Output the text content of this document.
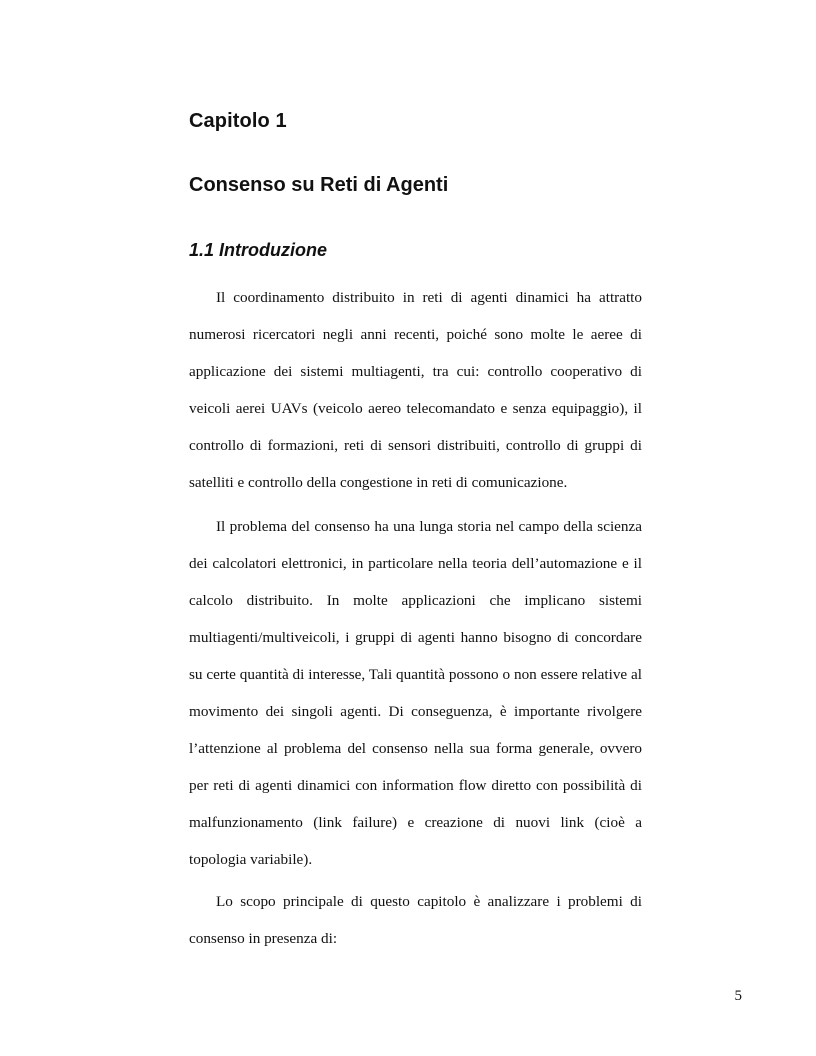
Capitolo 1
Consenso su Reti di Agenti
1.1 Introduzione

Il coordinamento distribuito in reti di agenti dinamici ha attratto numerosi ricercatori negli anni recenti, poiché sono molte le aeree di applicazione dei sistemi multiagenti, tra cui: controllo cooperativo di veicoli aerei UAVs (veicolo aereo telecomandato e senza equipaggio), il controllo di formazioni, reti di sensori distribuiti, controllo di gruppi di satelliti e controllo della congestione in reti di comunicazione.

Il problema del consenso ha una lunga storia nel campo della scienza dei calcolatori elettronici, in particolare nella teoria dell’automazione e il calcolo distribuito. In molte applicazioni che implicano sistemi multiagenti/multiveicoli, i gruppi di agenti hanno bisogno di concordare su certe quantità di interesse, Tali quantità possono o non essere relative al movimento dei singoli agenti. Di conseguenza, è importante rivolgere l’attenzione al problema del consenso nella sua forma generale, ovvero per reti di agenti dinamici con information flow diretto con possibilità di malfunzionamento (link failure) e creazione di nuovi link (cioè a topologia variabile).

Lo scopo principale di questo capitolo è analizzare i problemi di consenso in presenza di:

5
